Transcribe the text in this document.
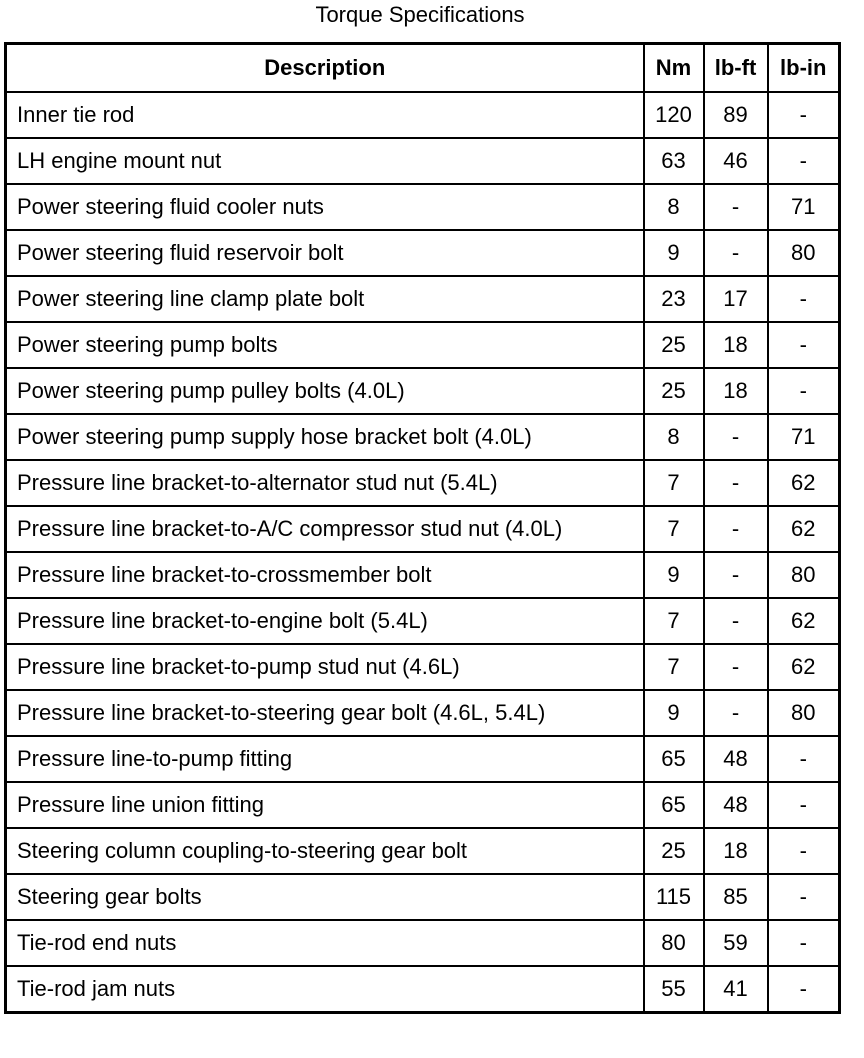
Torque Specifications
Description	Nm	lb-ft	lb-in
Inner tie rod	120	89	-
LH engine mount nut	63	46	-
Power steering fluid cooler nuts	8	-	71
Power steering fluid reservoir bolt	9	-	80
Power steering line clamp plate bolt	23	17	-
Power steering pump bolts	25	18	-
Power steering pump pulley bolts (4.0L)	25	18	-
Power steering pump supply hose bracket bolt (4.0L)	8	-	71
Pressure line bracket-to-alternator stud nut (5.4L)	7	-	62
Pressure line bracket-to-A/C compressor stud nut (4.0L)	7	-	62
Pressure line bracket-to-crossmember bolt	9	-	80
Pressure line bracket-to-engine bolt (5.4L)	7	-	62
Pressure line bracket-to-pump stud nut (4.6L)	7	-	62
Pressure line bracket-to-steering gear bolt (4.6L, 5.4L)	9	-	80
Pressure line-to-pump fitting	65	48	-
Pressure line union fitting	65	48	-
Steering column coupling-to-steering gear bolt	25	18	-
Steering gear bolts	115	85	-
Tie-rod end nuts	80	59	-
Tie-rod jam nuts	55	41	-
